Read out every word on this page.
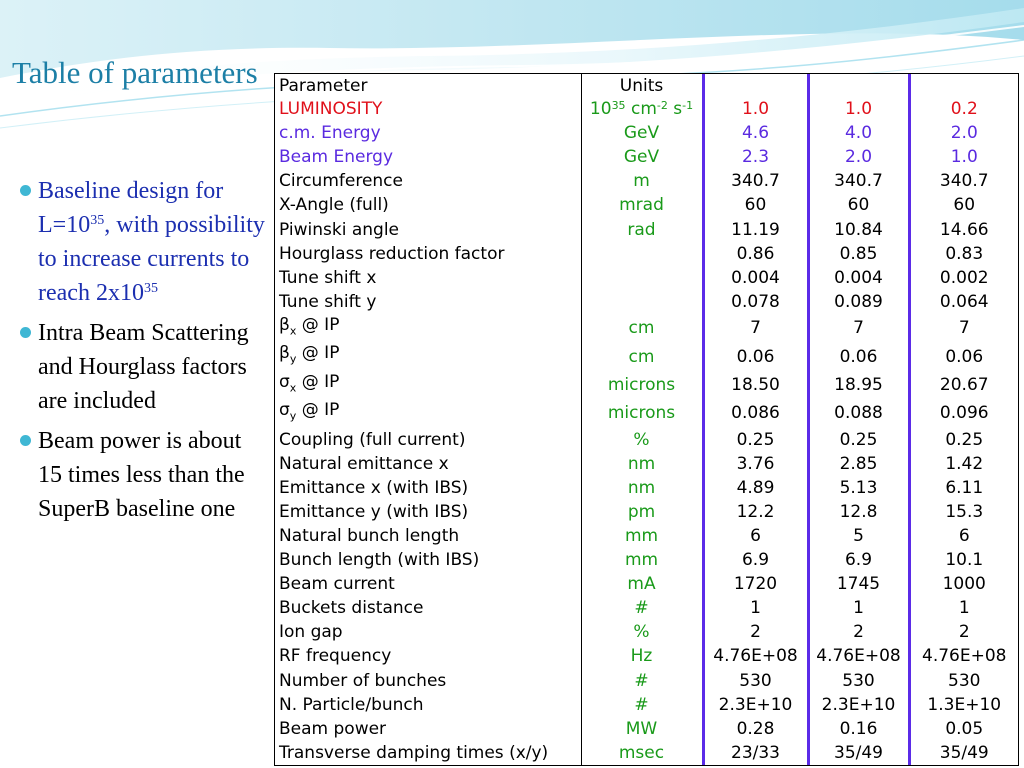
Table of parameters
Baseline design for $L=10^{35}$, with possibility to increase currents to reach $2x10^{35}$
Intra Beam Scattering and Hourglass factors are included
Beam power is about 15 times less than the SuperB baseline one
Parameter	Units			
LUMINOSITY	$10^{35}$ $cm^{-2}$ $s^{-1}$	1.0	1.0	0.2
c.m. Energy	GeV	4.6	4.0	2.0
Beam Energy	GeV	2.3	2.0	1.0
Circumference	m	340.7	340.7	340.7
X-Angle (full)	mrad	60	60	60
Piwinski angle	rad	11.19	10.84	14.66
Hourglass reduction factor		0.86	0.85	0.83
Tune shift x		0.004	0.004	0.002
Tune shift y		0.078	0.089	0.064
$\beta_x$ @ IP	cm	7	7	7
$\beta_y$ @ IP	cm	0.06	0.06	0.06
$\sigma_x$ @ IP	microns	18.50	18.95	20.67
$\sigma_y$ @ IP	microns	0.086	0.088	0.096
Coupling (full current)	%	0.25	0.25	0.25
Natural emittance x	nm	3.76	2.85	1.42
Emittance x (with IBS)	nm	4.89	5.13	6.11
Emittance y (with IBS)	pm	12.2	12.8	15.3
Natural bunch length	mm	6	5	6
Bunch length (with IBS)	mm	6.9	6.9	10.1
Beam current	mA	1720	1745	1000
Buckets distance	#	1	1	1
Ion gap	%	2	2	2
RF frequency	Hz	4.76E+08	4.76E+08	4.76E+08
Number of bunches	#	530	530	530
N. Particle/bunch	#	2.3E+10	2.3E+10	1.3E+10
Beam power	MW	0.28	0.16	0.05
Transverse damping times (x/y)	msec	23/33	35/49	35/49
